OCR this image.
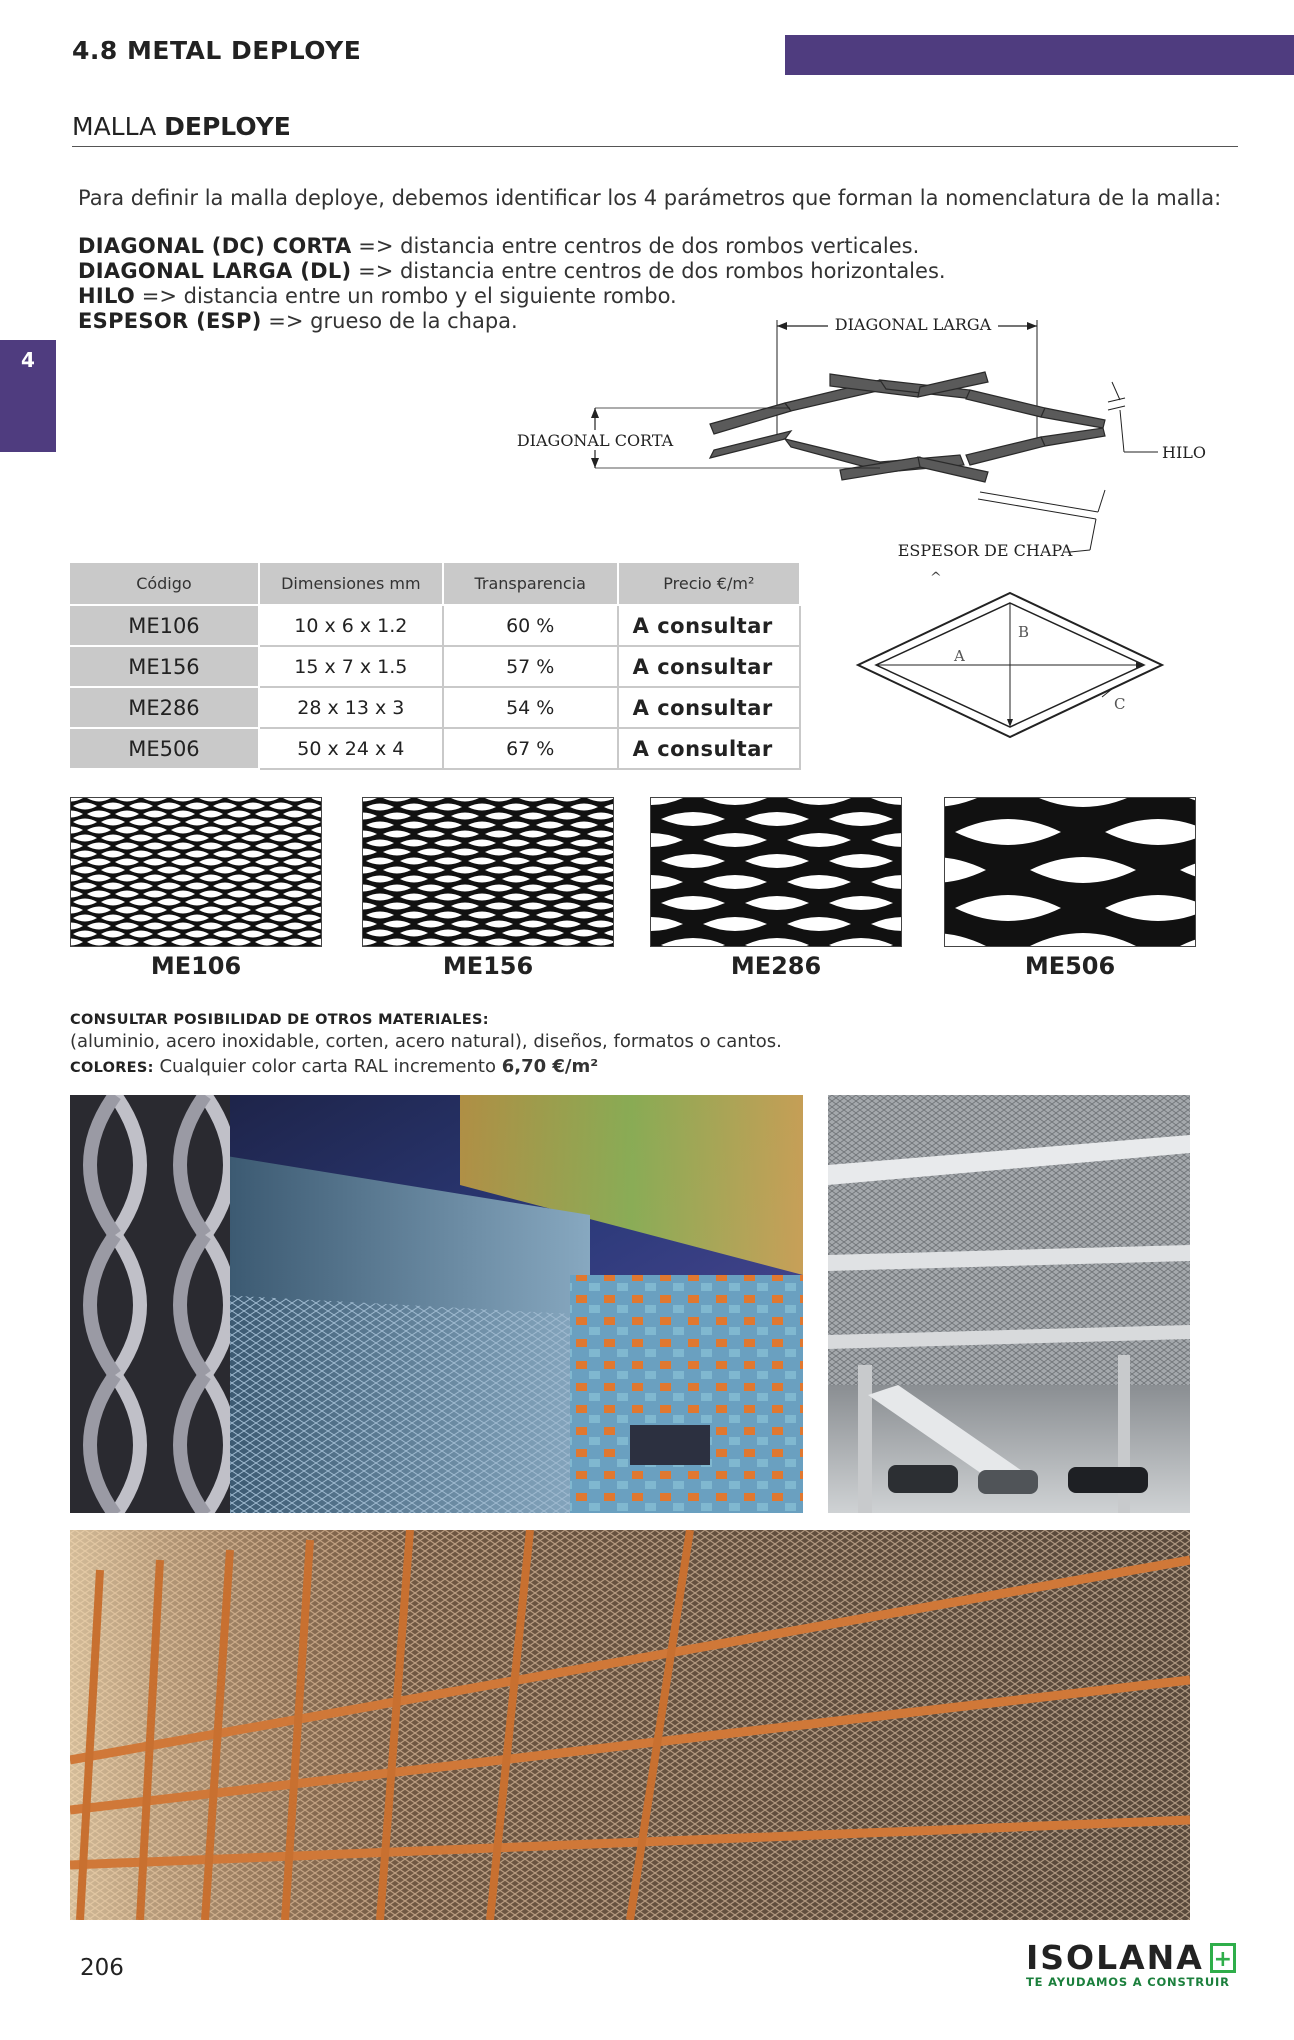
4.8 METAL DEPLOYE
4
MALLA DEPLOYE
Para definir la malla deploye, debemos identificar los 4 parámetros que forman la nomenclatura de la malla:
DIAGONAL (DC) CORTA => distancia entre centros de dos rombos verticales.
DIAGONAL LARGA (DL) => distancia entre centros de dos rombos horizontales.
HILO => distancia entre un rombo y el siguiente rombo.
ESPESOR (ESP) => grueso de la chapa.	DIAGONAL LARGA
DIAGONAL CORTA
HILO
ESPESOR DE CHAPA
^
A
B
C
Código	Dimensiones mm	Transparencia	Precio €/m²
ME106	10 x 6 x 1.2	60 %	A consultar
ME156	15 x 7 x 1.5	57 %	A consultar
ME286	28 x 13 x 3	54 %	A consultar
ME506	50 x 24 x 4	67 %	A consultar
ME106	ME156	ME286	ME506
CONSULTAR POSIBILIDAD DE OTROS MATERIALES:
(aluminio, acero inoxidable, corten, acero natural), diseños, formatos o cantos.
COLORES: Cualquier color carta RAL incremento 6,70 €/m²
206	ISOLANA +
TE AYUDAMOS A CONSTRUIR
